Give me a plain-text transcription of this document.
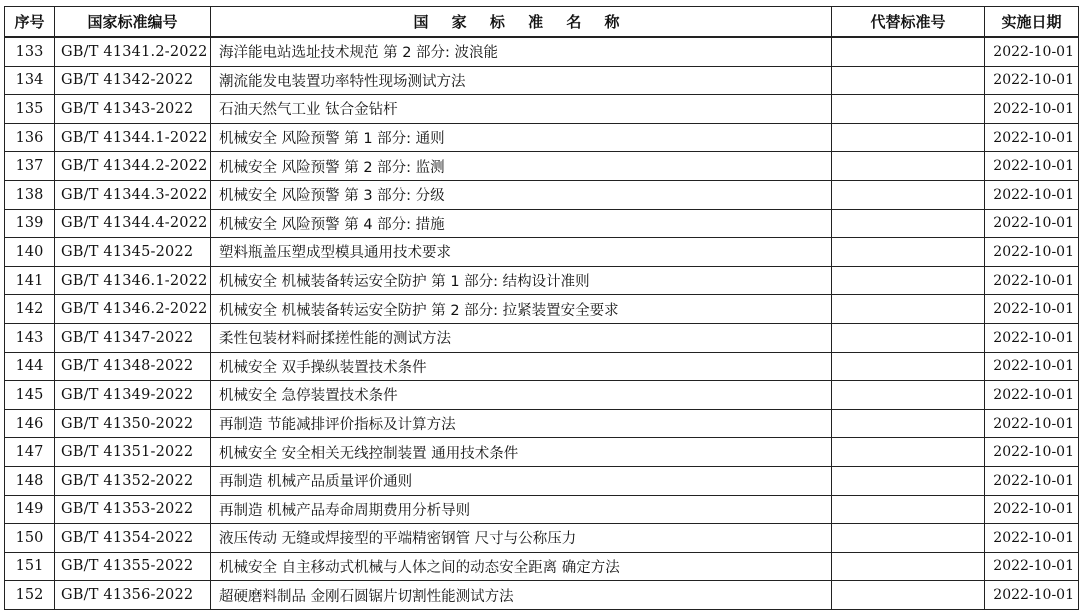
序号	国家标准编号	国 家 标 准 名 称	代替标准号	实施日期
133	GB/T 41341.2-2022	海洋能电站选址技术规范 第 2 部分: 波浪能		2022-10-01
134	GB/T 41342-2022	潮流能发电装置功率特性现场测试方法		2022-10-01
135	GB/T 41343-2022	石油天然气工业 钛合金钻杆		2022-10-01
136	GB/T 41344.1-2022	机械安全 风险预警 第 1 部分: 通则		2022-10-01
137	GB/T 41344.2-2022	机械安全 风险预警 第 2 部分: 监测		2022-10-01
138	GB/T 41344.3-2022	机械安全 风险预警 第 3 部分: 分级		2022-10-01
139	GB/T 41344.4-2022	机械安全 风险预警 第 4 部分: 措施		2022-10-01
140	GB/T 41345-2022	塑料瓶盖压塑成型模具通用技术要求		2022-10-01
141	GB/T 41346.1-2022	机械安全 机械装备转运安全防护 第 1 部分: 结构设计准则		2022-10-01
142	GB/T 41346.2-2022	机械安全 机械装备转运安全防护 第 2 部分: 拉紧装置安全要求		2022-10-01
143	GB/T 41347-2022	柔性包装材料耐揉搓性能的测试方法		2022-10-01
144	GB/T 41348-2022	机械安全 双手操纵装置技术条件		2022-10-01
145	GB/T 41349-2022	机械安全 急停装置技术条件		2022-10-01
146	GB/T 41350-2022	再制造 节能减排评价指标及计算方法		2022-10-01
147	GB/T 41351-2022	机械安全 安全相关无线控制装置 通用技术条件		2022-10-01
148	GB/T 41352-2022	再制造 机械产品质量评价通则		2022-10-01
149	GB/T 41353-2022	再制造 机械产品寿命周期费用分析导则		2022-10-01
150	GB/T 41354-2022	液压传动 无缝或焊接型的平端精密钢管 尺寸与公称压力		2022-10-01
151	GB/T 41355-2022	机械安全 自主移动式机械与人体之间的动态安全距离 确定方法		2022-10-01
152	GB/T 41356-2022	超硬磨料制品 金刚石圆锯片切割性能测试方法		2022-10-01
